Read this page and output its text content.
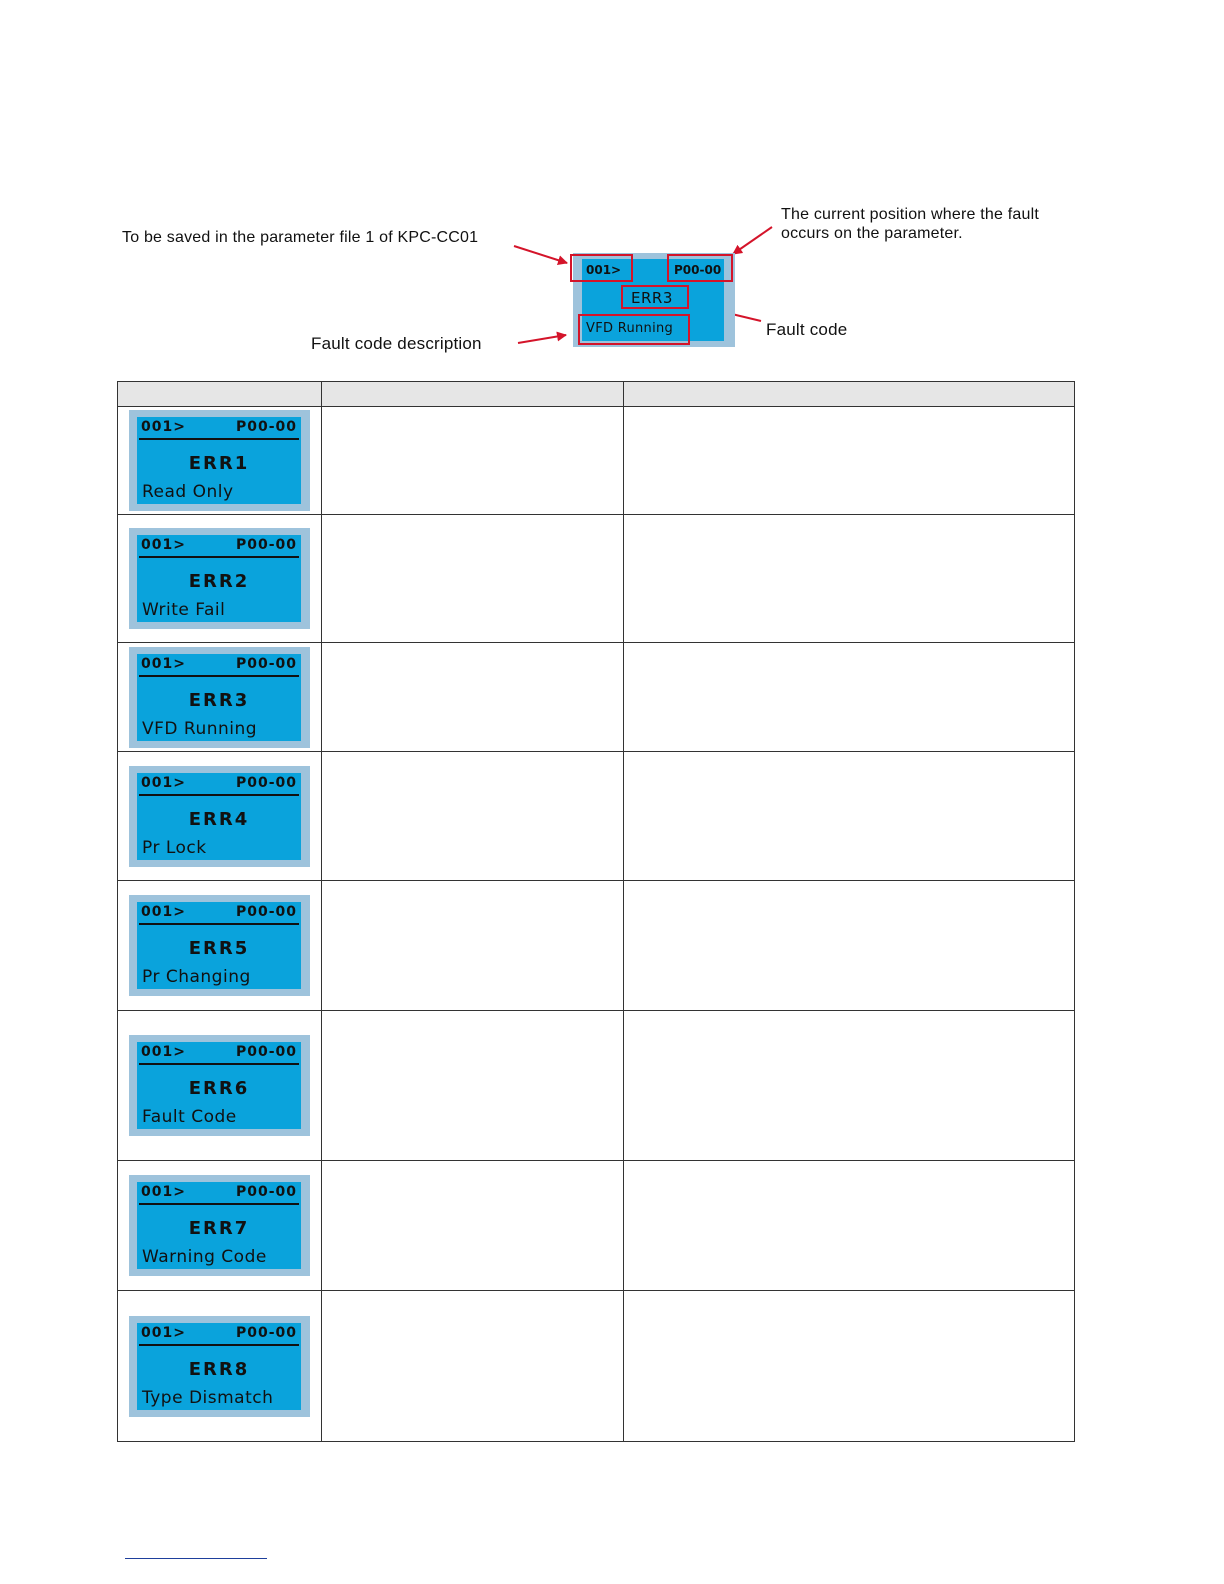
To be saved in the parameter file 1 of KPC-CC01
The current position where the fault
occurs on the parameter.
Fault code description
Fault code
001>	P00-00
ERR3
VFD Running

001> P00-00
ERR1
Read Only		

001> P00-00
ERR2
Write Fail		

001> P00-00
ERR3
VFD Running		

001> P00-00
ERR4
Pr Lock		

001> P00-00
ERR5
Pr Changing		

001> P00-00
ERR6
Fault Code		

001> P00-00
ERR7
Warning Code		

001> P00-00
ERR8
Type Dismatch		
